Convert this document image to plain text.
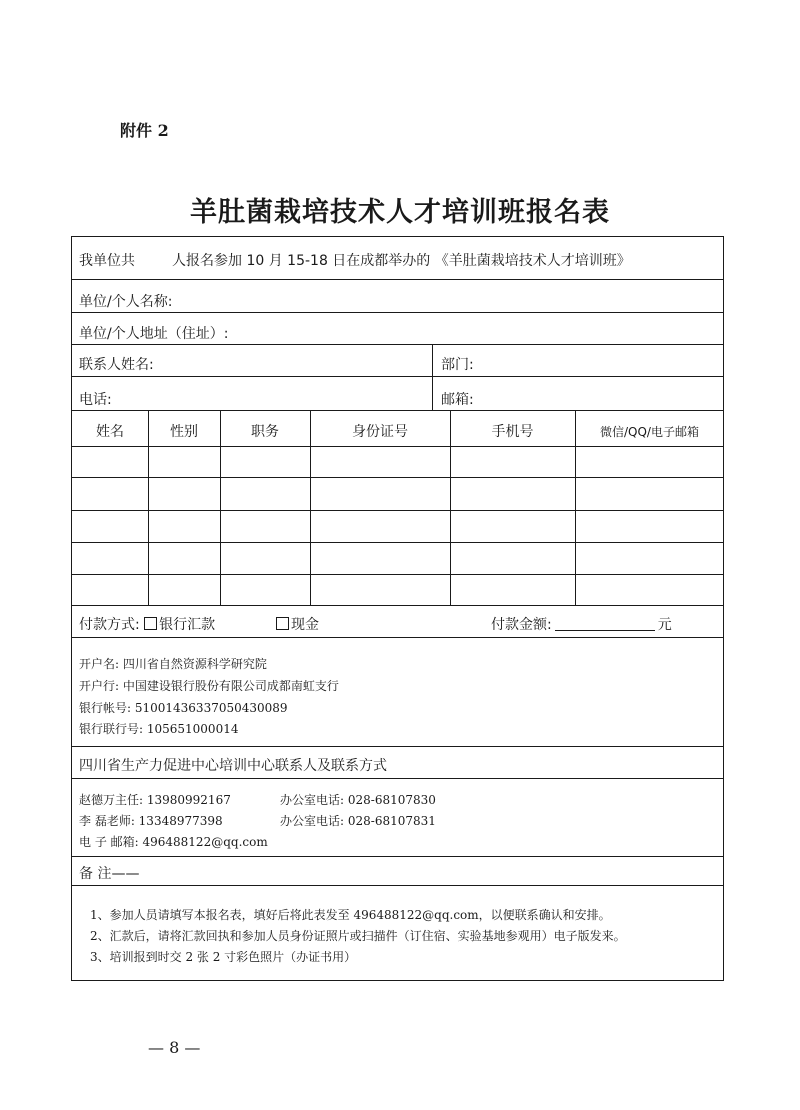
附件 2
羊肚菌栽培技术人才培训班报名表
我单位共	人报名参加 10 月 15-18 日在成都举办的 《羊肚菌栽培技术人才培训班》
单位/个人名称:
单位/个人地址（住址）:
联系人姓名:	部门:
电话:	邮箱:
姓名	性别	职务	身份证号	手机号	微信/QQ/电子邮箱
付款方式: 银行汇款	现金	付款金额:	元
开户名: 四川省自然资源科学研究院
开户行: 中国建设银行股份有限公司成都南虹支行
银行帐号: 51001436337050430089
银行联行号: 105651000014
四川省生产力促进中心培训中心联系人及联系方式
赵德万主任: 13980992167	办公室电话: 028-68107830
李 磊老师: 13348977398	办公室电话: 028-68107831
电 子 邮箱: 496488122@qq.com
备 注——
1、参加人员请填写本报名表，填好后将此表发至 496488122@qq.com，以便联系确认和安排。
2、汇款后，请将汇款回执和参加人员身份证照片或扫描件（订住宿、实验基地参观用）电子版发来。
3、培训报到时交 2 张 2 寸彩色照片（办证书用）
— 8 —
